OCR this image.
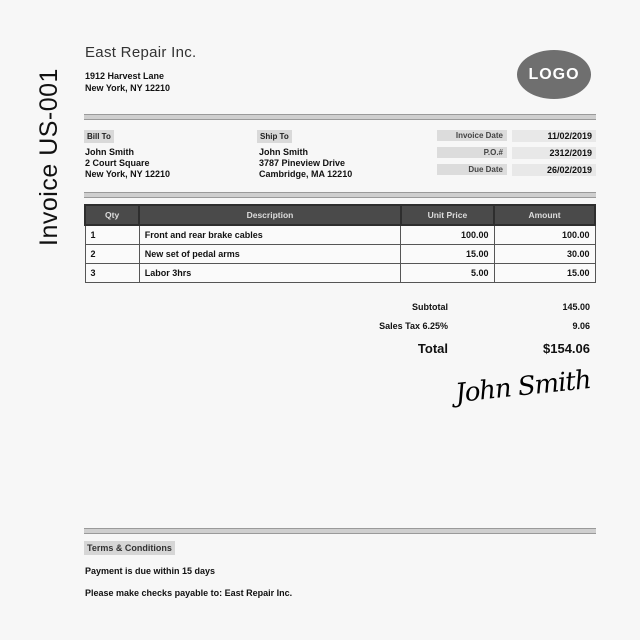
Invoice US-001
East Repair Inc.
1912 Harvest Lane
New York, NY 12210
LOGO
Bill To
John Smith
2 Court Square
New York, NY 12210
Ship To
John Smith
3787 Pineview Drive
Cambridge, MA 12210
Invoice Date	11/02/2019
P.O.#	2312/2019
Due Date	26/02/2019
Qty	Description	Unit Price	Amount
1	Front and rear brake cables	100.00	100.00
2	New set of pedal arms	15.00	30.00
3	Labor 3hrs	5.00	15.00
Subtotal	145.00
Sales Tax 6.25%	9.06
Total	$154.06
John Smith
Terms & Conditions
Payment is due within 15 days
Please make checks payable to: East Repair Inc.
